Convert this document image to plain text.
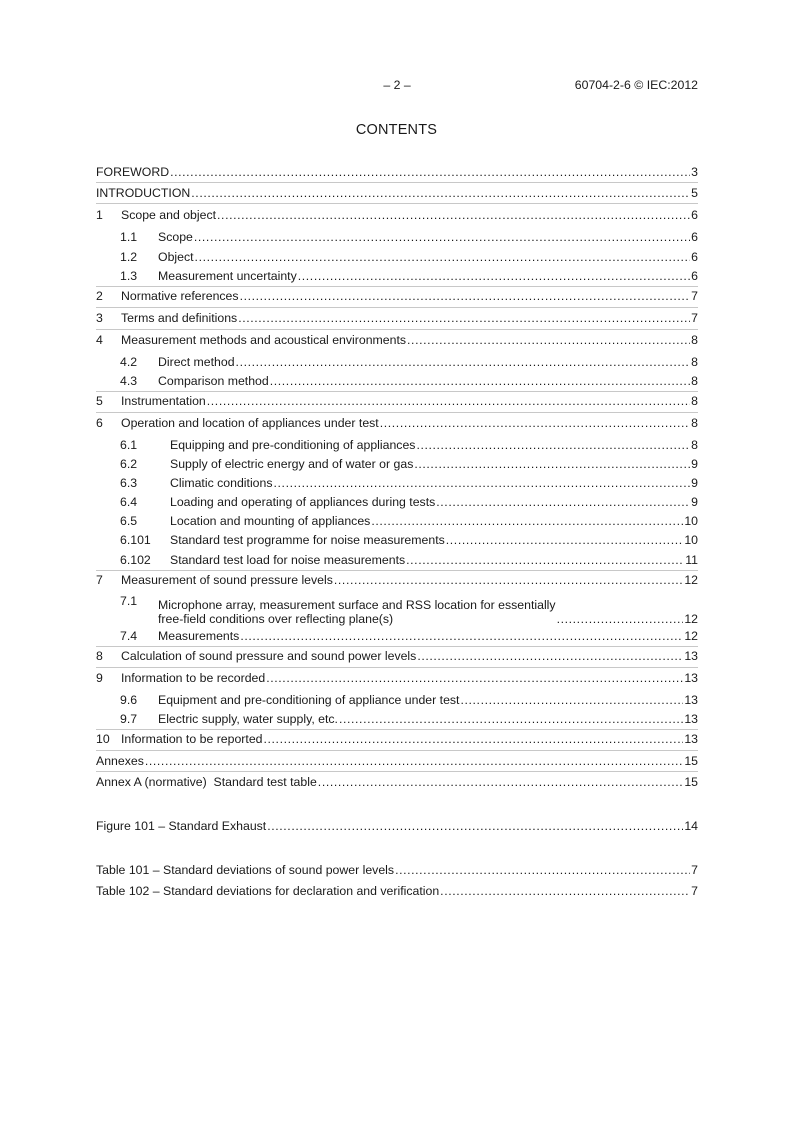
– 2 –	60704-2-6 © IEC:2012
CONTENTS
FOREWORD .....	3
INTRODUCTION .....	5
1	Scope and object .....	6
1.1	Scope .....	6
1.2	Object .....	6
1.3	Measurement uncertainty .....	6
2	Normative references .....	7
3	Terms and definitions .....	7
4	Measurement methods and acoustical environments .....	8
4.2	Direct method .....	8
4.3	Comparison method .....	8
5	Instrumentation .....	8
6	Operation and location of appliances under test .....	8
6.1	Equipping and pre-conditioning of appliances .....	8
6.2	Supply of electric energy and of water or gas .....	9
6.3	Climatic conditions .....	9
6.4	Loading and operating of appliances during tests .....	9
6.5	Location and mounting of appliances .....	10
6.101	Standard test programme for noise measurements .....	10
6.102	Standard test load for noise measurements .....	11
7	Measurement of sound pressure levels .....	12
7.1	Microphone array, measurement surface and RSS location for essentially
free-field conditions over reflecting plane(s) .....	12
7.4	Measurements .....	12
8	Calculation of sound pressure and sound power levels .....	13
9	Information to be recorded .....	13
9.6	Equipment and pre-conditioning of appliance under test .....	13
9.7	Electric supply, water supply, etc. .....	13
10 Information to be reported .....	13
Annexes .....	15
Annex A (normative)  Standard test table .....	15
Figure 101 – Standard Exhaust .....	14
Table 101 – Standard deviations of sound power levels .....	7
Table 102 – Standard deviations for declaration and verification .....	7
